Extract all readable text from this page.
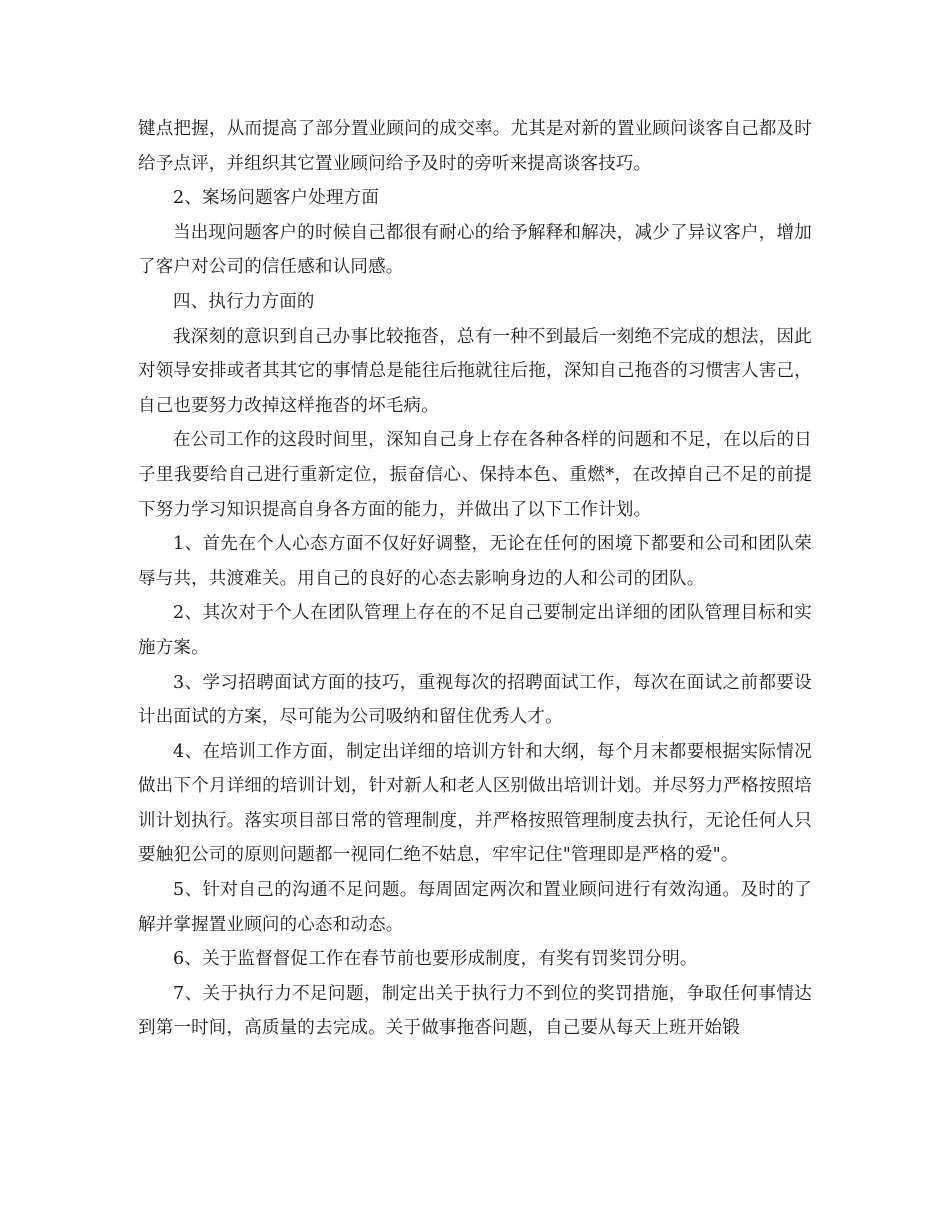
键点把握，从而提高了部分置业顾问的成交率。尤其是对新的置业顾问谈客自己都及时给予点评，并组织其它置业顾问给予及时的旁听来提高谈客技巧。

2、案场问题客户处理方面

当出现问题客户的时候自己都很有耐心的给予解释和解决，减少了异议客户，增加了客户对公司的信任感和认同感。

四、执行力方面的

我深刻的意识到自己办事比较拖沓，总有一种不到最后一刻绝不完成的想法，因此对领导安排或者其其它的事情总是能往后拖就往后拖，深知自己拖沓的习惯害人害己，自己也要努力改掉这样拖沓的坏毛病。

在公司工作的这段时间里，深知自己身上存在各种各样的问题和不足，在以后的日子里我要给自己进行重新定位，振奋信心、保持本色、重燃*，在改掉自己不足的前提下努力学习知识提高自身各方面的能力，并做出了以下工作计划。

1、首先在个人心态方面不仅好好调整，无论在任何的困境下都要和公司和团队荣辱与共，共渡难关。用自己的良好的心态去影响身边的人和公司的团队。

2、其次对于个人在团队管理上存在的不足自己要制定出详细的团队管理目标和实施方案。

3、学习招聘面试方面的技巧，重视每次的招聘面试工作，每次在面试之前都要设计出面试的方案，尽可能为公司吸纳和留住优秀人才。

4、在培训工作方面，制定出详细的培训方针和大纲，每个月末都要根据实际情况做出下个月详细的培训计划，针对新人和老人区别做出培训计划。并尽努力严格按照培训计划执行。落实项目部日常的管理制度，并严格按照管理制度去执行，无论任何人只要触犯公司的原则问题都一视同仁绝不姑息，牢牢记住"管理即是严格的爱"。

5、针对自己的沟通不足问题。每周固定两次和置业顾问进行有效沟通。及时的了解并掌握置业顾问的心态和动态。

6、关于监督督促工作在春节前也要形成制度，有奖有罚奖罚分明。

7、关于执行力不足问题，制定出关于执行力不到位的奖罚措施，争取任何事情达到第一时间，高质量的去完成。关于做事拖沓问题，自己要从每天上班开始锻
